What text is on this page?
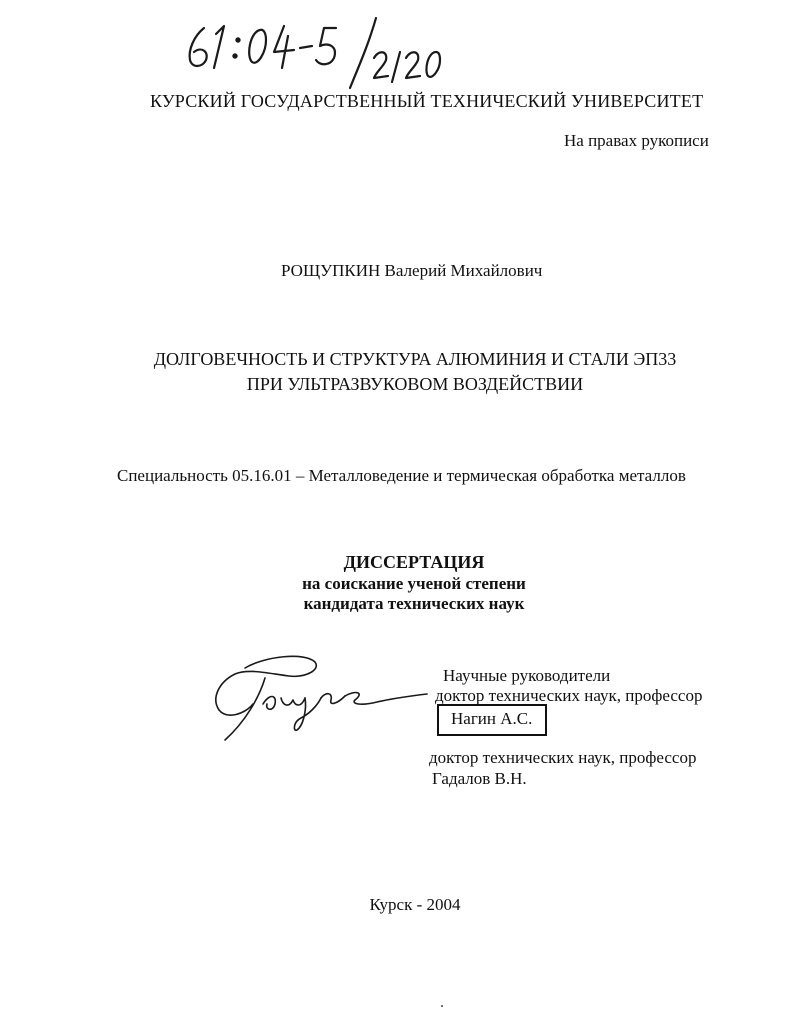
61:04-5/2120
КУРСКИЙ ГОСУДАРСТВЕННЫЙ ТЕХНИЧЕСКИЙ УНИВЕРСИТЕТ
На правах рукописи
РОЩУПКИН Валерий Михайлович
ДОЛГОВЕЧНОСТЬ И СТРУКТУРА АЛЮМИНИЯ И СТАЛИ ЭП33
ПРИ УЛЬТРАЗВУКОВОМ ВОЗДЕЙСТВИИ
Специальность 05.16.01 – Металловедение и термическая обработка металлов
ДИССЕРТАЦИЯ
на соискание ученой степени
кандидата технических наук
Научные руководители
доктор технических наук, профессор
Нагин А.С.
доктор технических наук, профессор
Гадалов В.Н.
Курск - 2004
